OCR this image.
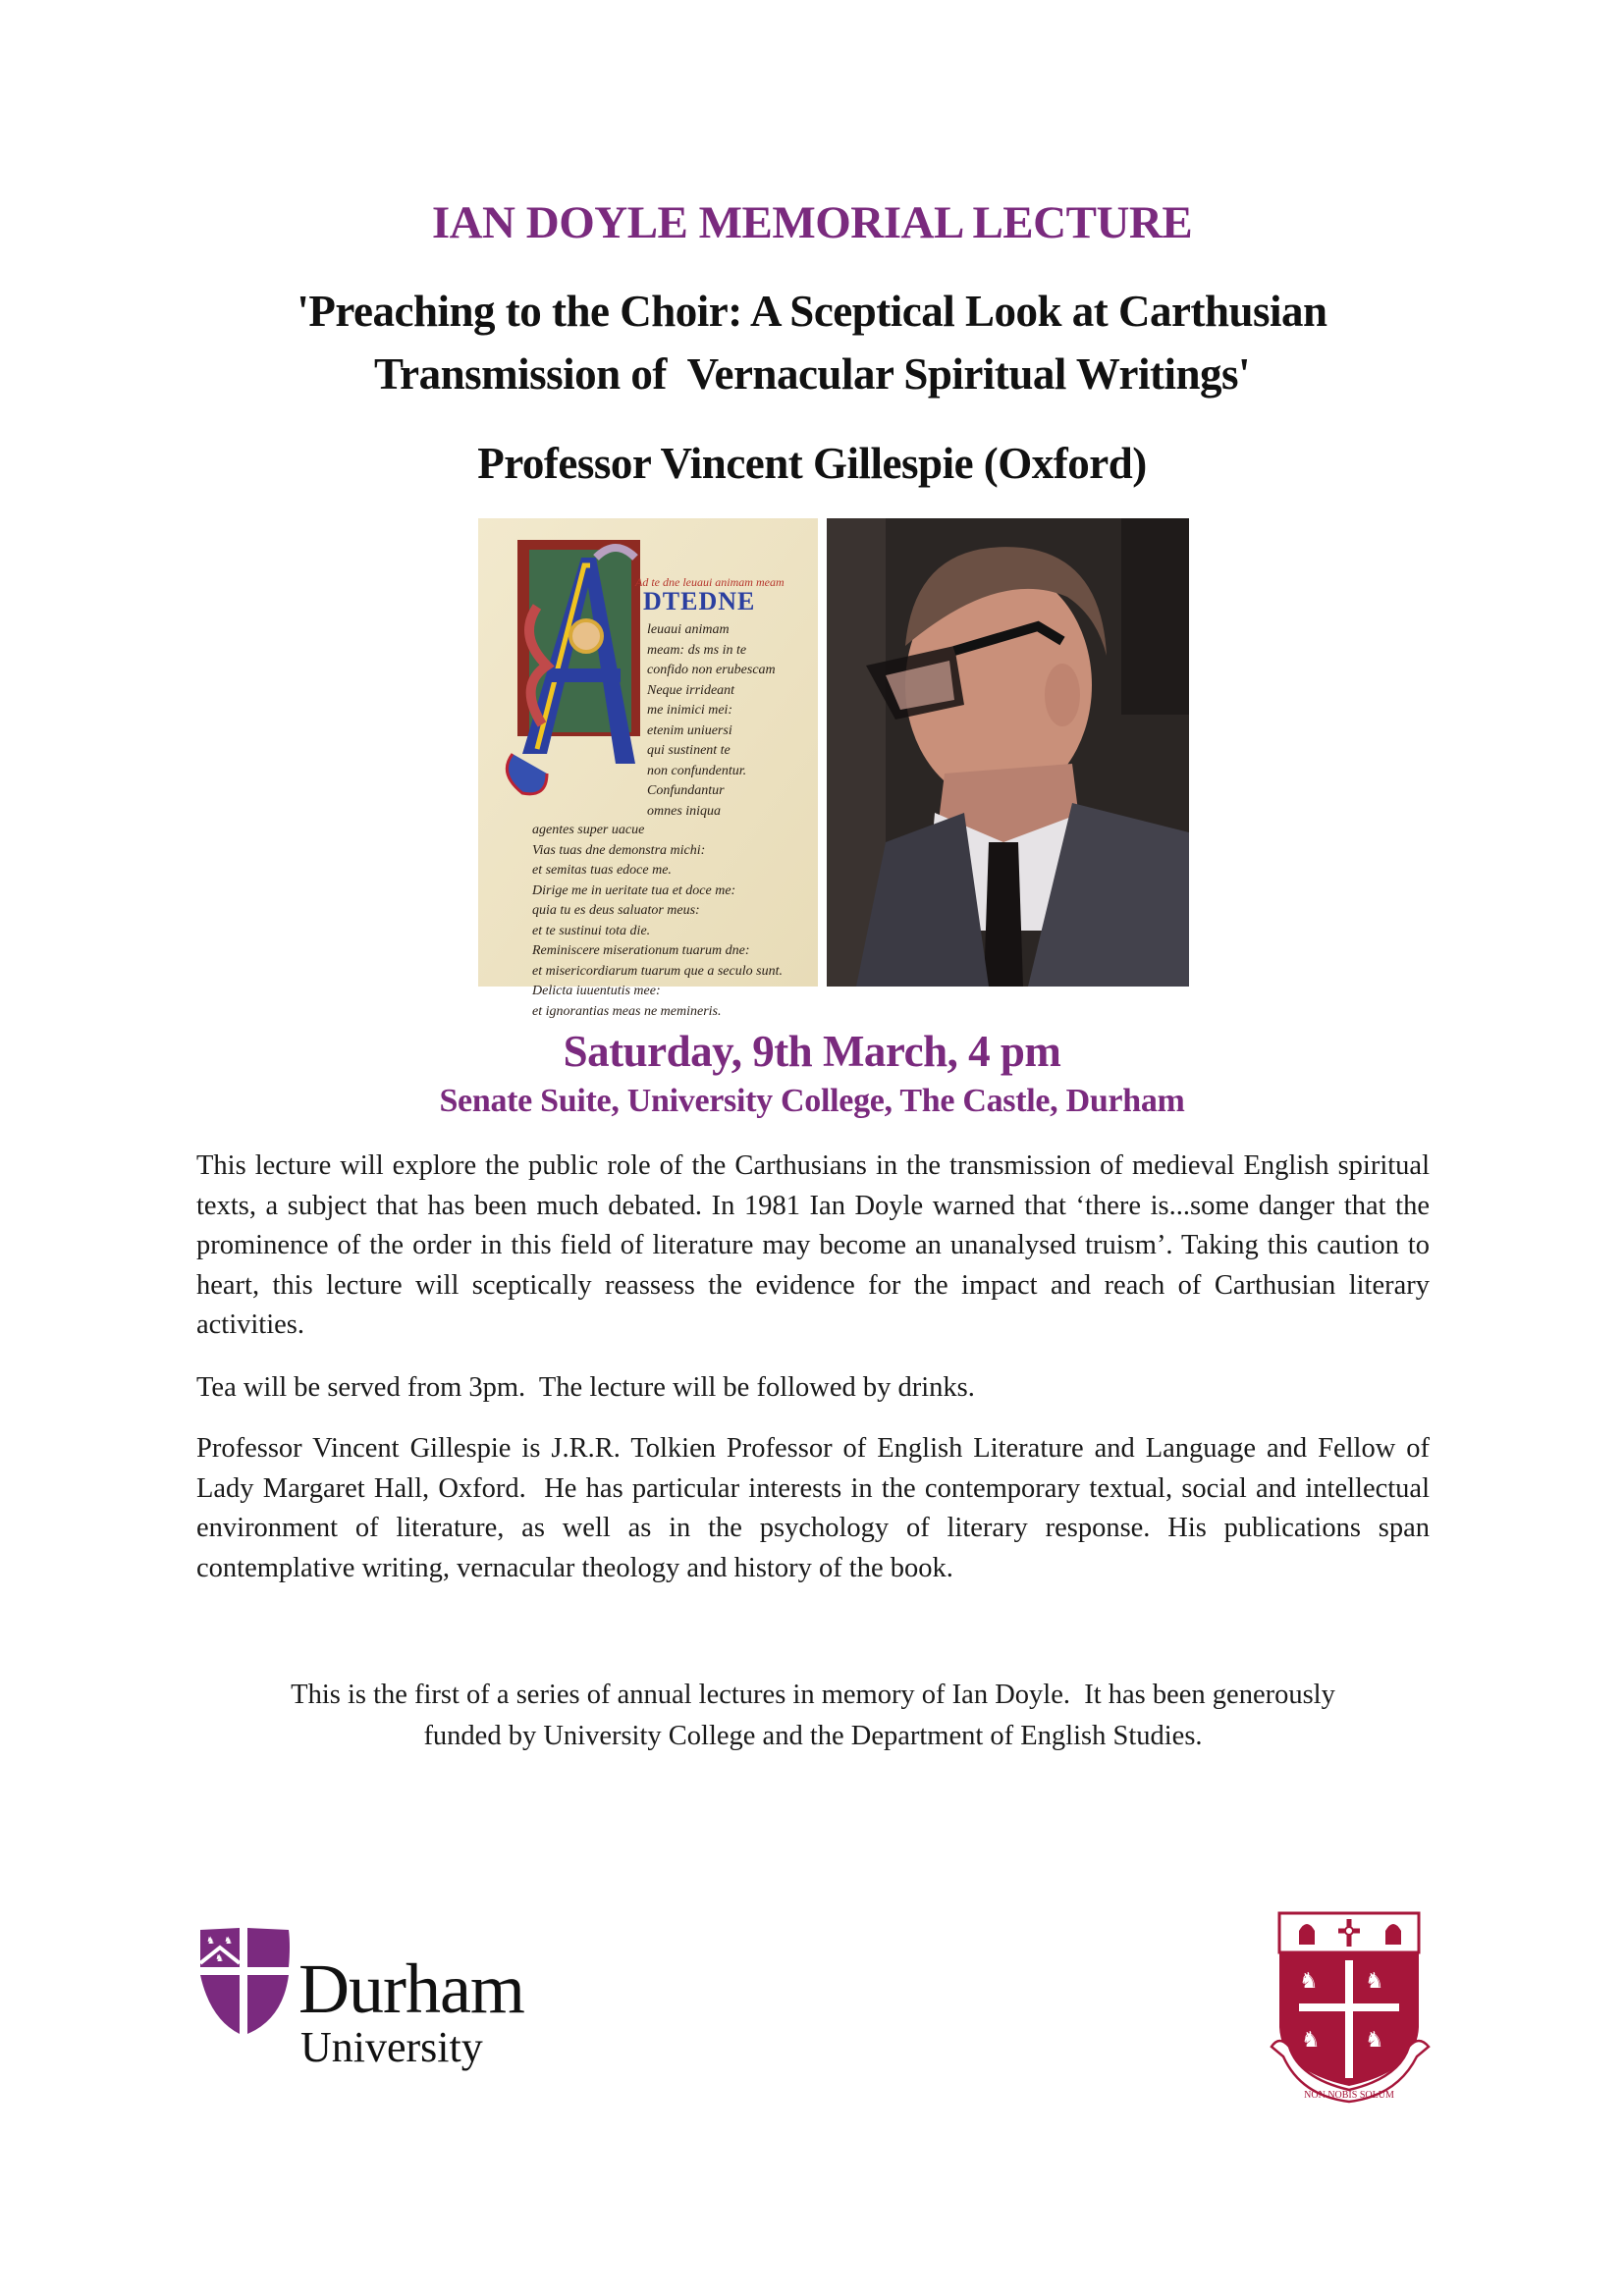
IAN DOYLE MEMORIAL LECTURE
'Preaching to the Choir: A Sceptical Look at Carthusian
Transmission of  Vernacular Spiritual Writings'
Professor Vincent Gillespie (Oxford)
Ad te dne leuaui animam meam
DTEDNE
leuaui animam
meam: ds ms in te
confido non erubescam
Neque irrideant
me inimici mei:
etenim uniuersi
qui sustinent te
non confundentur.
Confundantur
omnes iniqua
agentes super uacue
Vias tuas dne demonstra michi:
et semitas tuas edoce me.
Dirige me in ueritate tua et doce me:
quia tu es deus saluator meus:
et te sustinui tota die.
Reminiscere miserationum tuarum dne:
et misericordiarum tuarum que a seculo sunt.
Delicta iuuentutis mee:
et ignorantias meas ne memineris.
Saturday, 9th March, 4 pm
Senate Suite, University College, The Castle, Durham

This lecture will explore the public role of the Carthusians in the transmission of medieval English spiritual texts, a subject that has been much debated. In 1981 Ian Doyle warned that ‘there is...some danger that the prominence of the order in this field of literature may become an unanalysed truism’. Taking this caution to heart, this lecture will sceptically reassess the evidence for the impact and reach of Carthusian literary activities.

Tea will be served from 3pm.  The lecture will be followed by drinks.

Professor Vincent Gillespie is J.R.R. Tolkien Professor of English Literature and Language and Fellow of Lady Margaret Hall, Oxford.  He has particular interests in the contemporary textual, social and intellectual environment of literature, as well as in the psychology of literary response. His publications span contemplative writing, vernacular theology and history of the book.

This is the first of a series of annual lectures in memory of Ian Doyle.  It has been generously
funded by University College and the Department of English Studies.
♞ ♞
♞ Durham
University
♞ ♞
♞ ♞
NON NOBIS SOLUM
